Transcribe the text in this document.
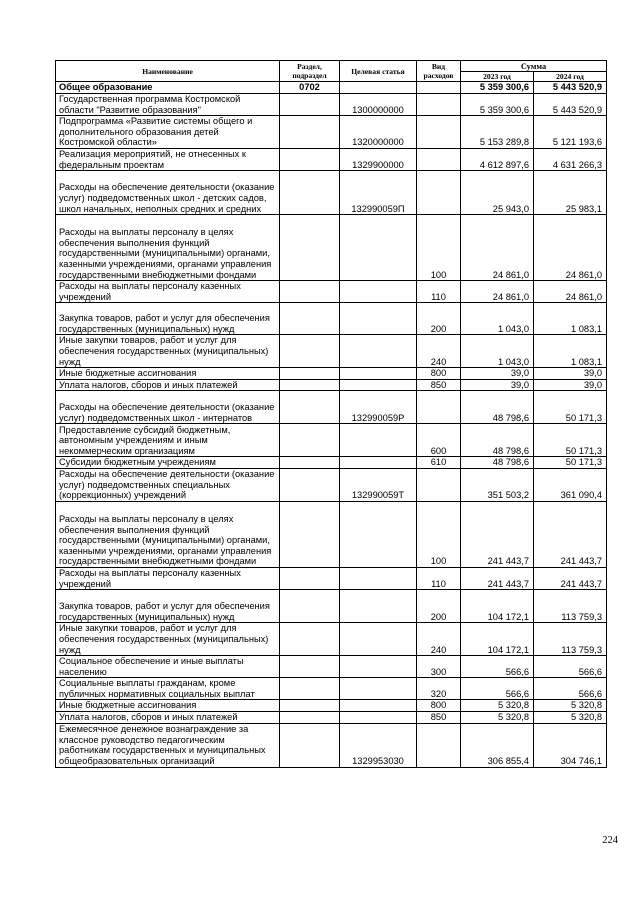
Наименование	Раздел, подраздел	Целевая статья	Вид расходов	Сумма	
				2023 год	2024 год
Общее образование	0702			5 359 300,6	5 443 520,9
Государственная программа Костромской области "Развитие образования"		1300000000		5 359 300,6	5 443 520,9
Подпрограмма «Развитие системы общего и дополнительного образования детей Костромской области»		1320000000		5 153 289,8	5 121 193,6
Реализация мероприятий, не отнесенных к федеральным проектам		1329900000		4 612 897,6	4 631 266,3
Расходы на обеспечение деятельности (оказание услуг) подведомственных школ - детских садов, школ начальных, неполных средних и средних		132990059П		25 943,0	25 983,1
Расходы на выплаты персоналу в целях обеспечения выполнения функций государственными (муниципальными) органами, казенными учреждениями, органами управления государственными внебюджетными фондами			100	24 861,0	24 861,0
Расходы на выплаты персоналу казенных учреждений			110	24 861,0	24 861,0
Закупка товаров, работ и услуг для обеспечения государственных (муниципальных) нужд			200	1 043,0	1 083,1
Иные закупки товаров, работ и услуг для обеспечения государственных (муниципальных) нужд			240	1 043,0	1 083,1
Иные бюджетные ассигнования			800	39,0	39,0
Уплата налогов, сборов и иных платежей			850	39,0	39,0
Расходы на обеспечение деятельности (оказание услуг) подведомственных школ - интернатов		132990059Р		48 798,6	50 171,3
Предоставление субсидий бюджетным, автономным учреждениям и иным некоммерческим организациям			600	48 798,6	50 171,3
Субсидии бюджетным учреждениям			610	48 798,6	50 171,3
Расходы на обеспечение деятельности (оказание услуг) подведомственных специальных (коррекционных) учреждений		132990059Т		351 503,2	361 090,4
Расходы на выплаты персоналу в целях обеспечения выполнения функций государственными (муниципальными) органами, казенными учреждениями, органами управления государственными внебюджетными фондами			100	241 443,7	241 443,7
Расходы на выплаты персоналу казенных учреждений			110	241 443,7	241 443,7
Закупка товаров, работ и услуг для обеспечения государственных (муниципальных) нужд			200	104 172,1	113 759,3
Иные закупки товаров, работ и услуг для обеспечения государственных (муниципальных) нужд			240	104 172,1	113 759,3
Социальное обеспечение и иные выплаты населению			300	566,6	566,6
Социальные выплаты гражданам, кроме публичных нормативных социальных выплат			320	566,6	566,6
Иные бюджетные ассигнования			800	5 320,8	5 320,8
Уплата налогов, сборов и иных платежей			850	5 320,8	5 320,8
Ежемесячное денежное вознаграждение за классное руководство педагогическим работникам государственных и муниципальных общеобразовательных организаций		1329953030		306 855,4	304 746,1
224
